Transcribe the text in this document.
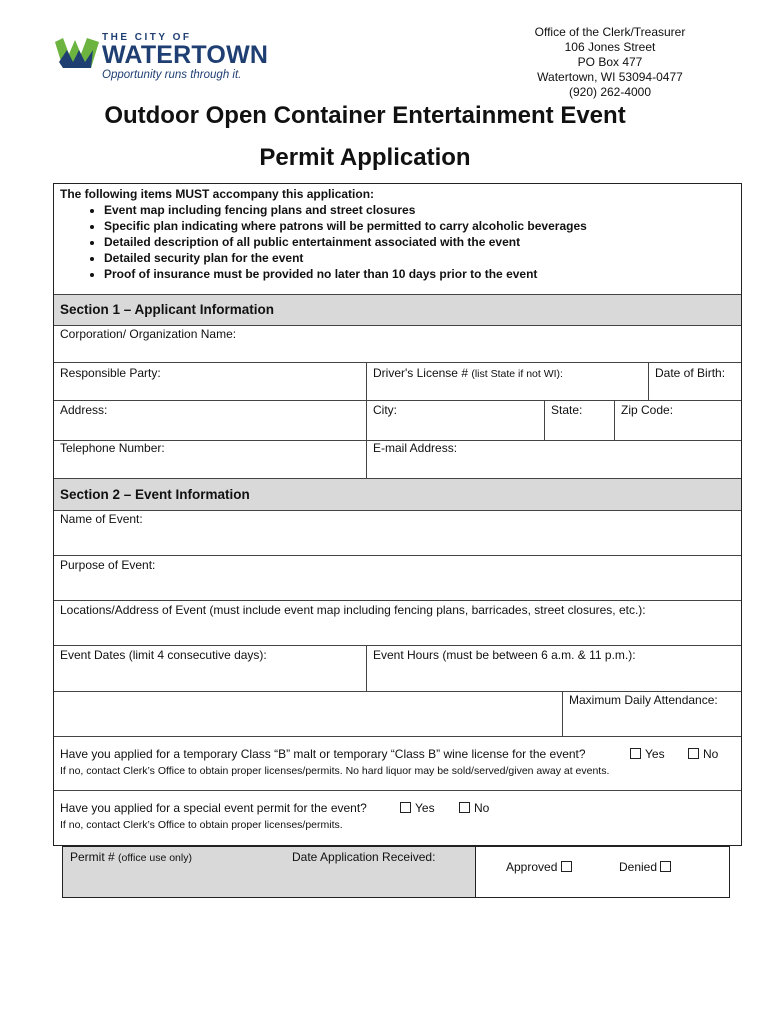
THE CITY OF
WATERTOWN
Opportunity runs through it.
Office of the Clerk/Treasurer
106 Jones Street
PO Box 477
Watertown, WI 53094-0477
(920) 262-4000
Outdoor Open Container Entertainment Event
Permit Application
The following items MUST accompany this application:
• Event map including fencing plans and street closures
• Specific plan indicating where patrons will be permitted to carry alcoholic beverages
• Detailed description of all public entertainment associated with the event
• Detailed security plan for the event
• Proof of insurance must be provided no later than 10 days prior to the event
Section 1 – Applicant Information
Corporation/ Organization Name:
Responsible Party:	Driver's License # (list State if not WI):	Date of Birth:
Address:	City:	State:	Zip Code:
Telephone Number:	E-mail Address:
Section 2 – Event Information
Name of Event:
Purpose of Event:
Locations/Address of Event (must include event map including fencing plans, barricades, street closures, etc.):
Event Dates (limit 4 consecutive days):	Event Hours (must be between 6 a.m. & 11 p.m.):
Maximum Daily Attendance:
Have you applied for a temporary Class “B” malt or temporary “Class B” wine license for the event?	Yes	No
If no, contact Clerk’s Office to obtain proper licenses/permits. No hard liquor may be sold/served/given away at events.
Have you applied for a special event permit for the event?	Yes	No
If no, contact Clerk’s Office to obtain proper licenses/permits.
Permit # (office use only)	Date Application Received:
Approved	Denied
